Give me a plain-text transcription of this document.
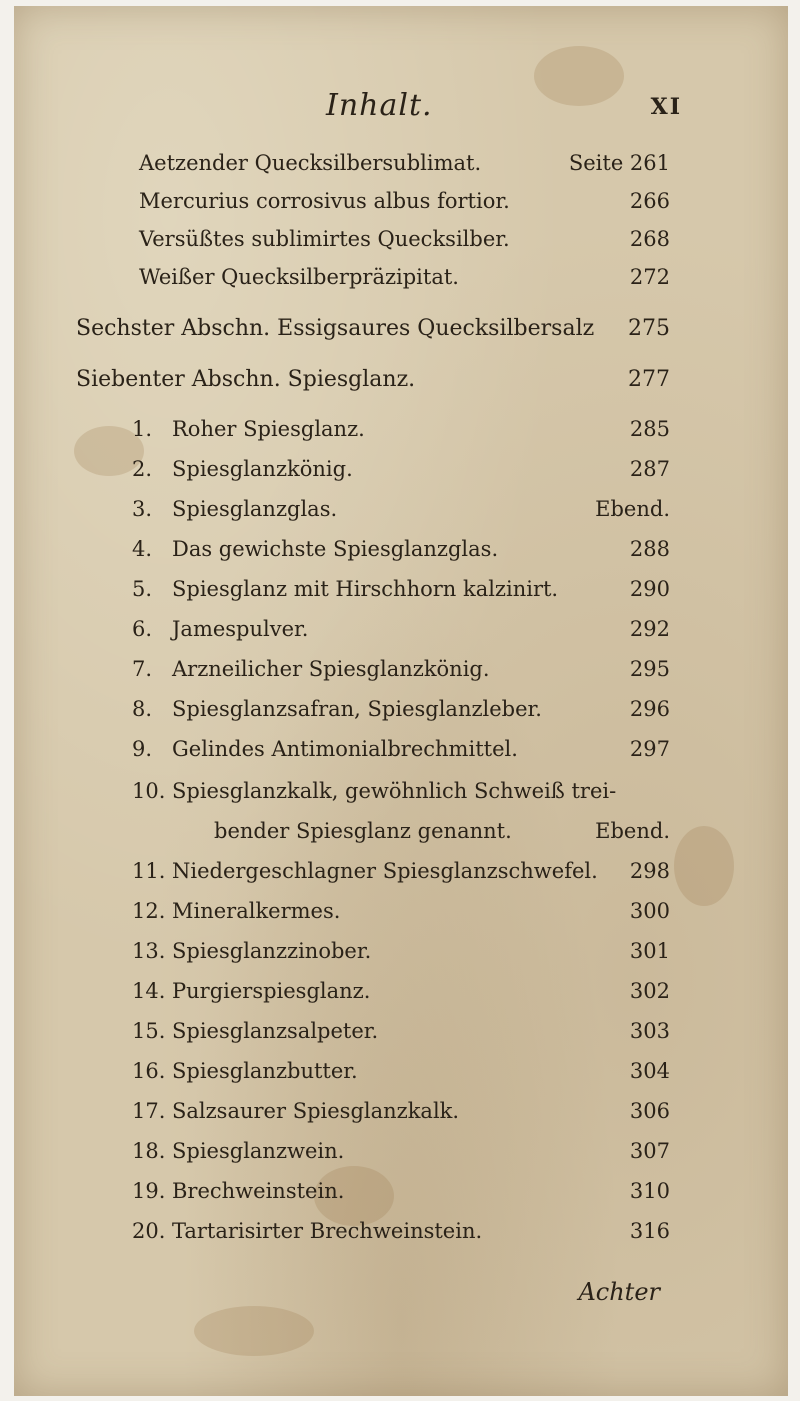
Inhalt.	XI
Aetzender Quecksilbersublimat.	Seite 261
Mercurius corrosivus albus fortior.	266
Versüßtes sublimirtes Quecksilber.	268
Weißer Quecksilberpräzipitat.	272
Sechster Abschn. Essigsaures Quecksilbersalz 275
Siebenter Abschn. Spiesglanz.	277
1. Roher Spiesglanz.	285
2. Spiesglanzkönig.	287
3. Spiesglanzglas.	Ebend.
4. Das gewichste Spiesglanzglas.	288
5. Spiesglanz mit Hirschhorn kalzinirt.	290
6. Jamespulver.	292
7. Arzneilicher Spiesglanzkönig.	295
8. Spiesglanzsafran, Spiesglanzleber.	296
9. Gelindes Antimonialbrechmittel.	297
10. Spiesglanzkalk, gewöhnlich Schweiß trei-
bender Spiesglanz genannt.	Ebend.
11. Niedergeschlagner Spiesglanzschwefel. 298
12. Mineralkermes.	300
13. Spiesglanzzinober.	301
14. Purgierspiesglanz.	302
15. Spiesglanzsalpeter.	303
16. Spiesglanzbutter.	304
17. Salzsaurer Spiesglanzkalk.	306
18. Spiesglanzwein.	307
19. Brechweinstein.	310
20. Tartarisirter Brechweinstein.	316
Achter
